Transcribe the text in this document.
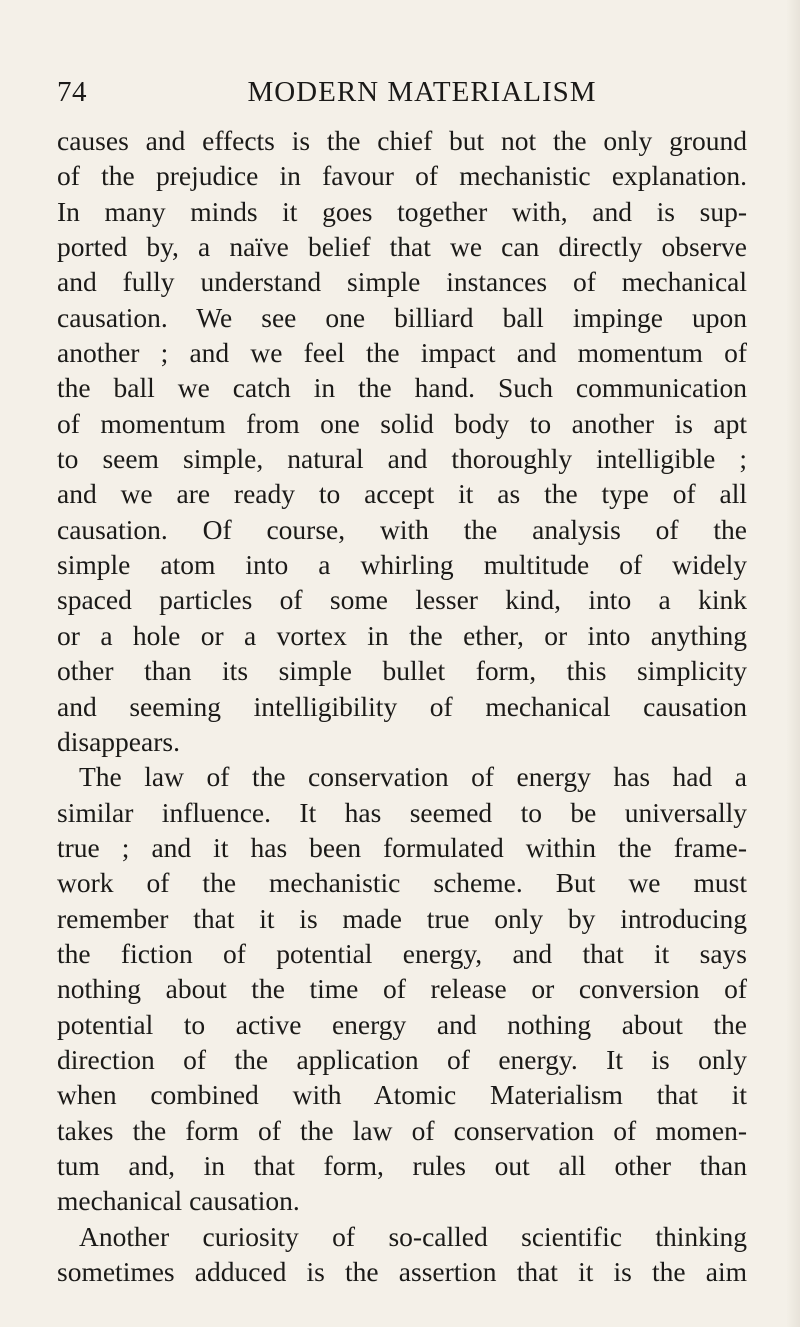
74	MODERN MATERIALISM
causes and effects is the chief but not the only ground
of the prejudice in favour of mechanistic explanation.
In many minds it goes together with, and is sup-
ported by, a naïve belief that we can directly observe
and fully understand simple instances of mechanical
causation. We see one billiard ball impinge upon
another ; and we feel the impact and momentum of
the ball we catch in the hand. Such communication
of momentum from one solid body to another is apt
to seem simple, natural and thoroughly intelligible ;
and we are ready to accept it as the type of all
causation. Of course, with the analysis of the
simple atom into a whirling multitude of widely
spaced particles of some lesser kind, into a kink
or a hole or a vortex in the ether, or into anything
other than its simple bullet form, this simplicity
and seeming intelligibility of mechanical causation
disappears.
The law of the conservation of energy has had a
similar influence. It has seemed to be universally
true ; and it has been formulated within the frame-
work of the mechanistic scheme. But we must
remember that it is made true only by introducing
the fiction of potential energy, and that it says
nothing about the time of release or conversion of
potential to active energy and nothing about the
direction of the application of energy. It is only
when combined with Atomic Materialism that it
takes the form of the law of conservation of momen-
tum and, in that form, rules out all other than
mechanical causation.
Another curiosity of so-called scientific thinking
sometimes adduced is the assertion that it is the aim
